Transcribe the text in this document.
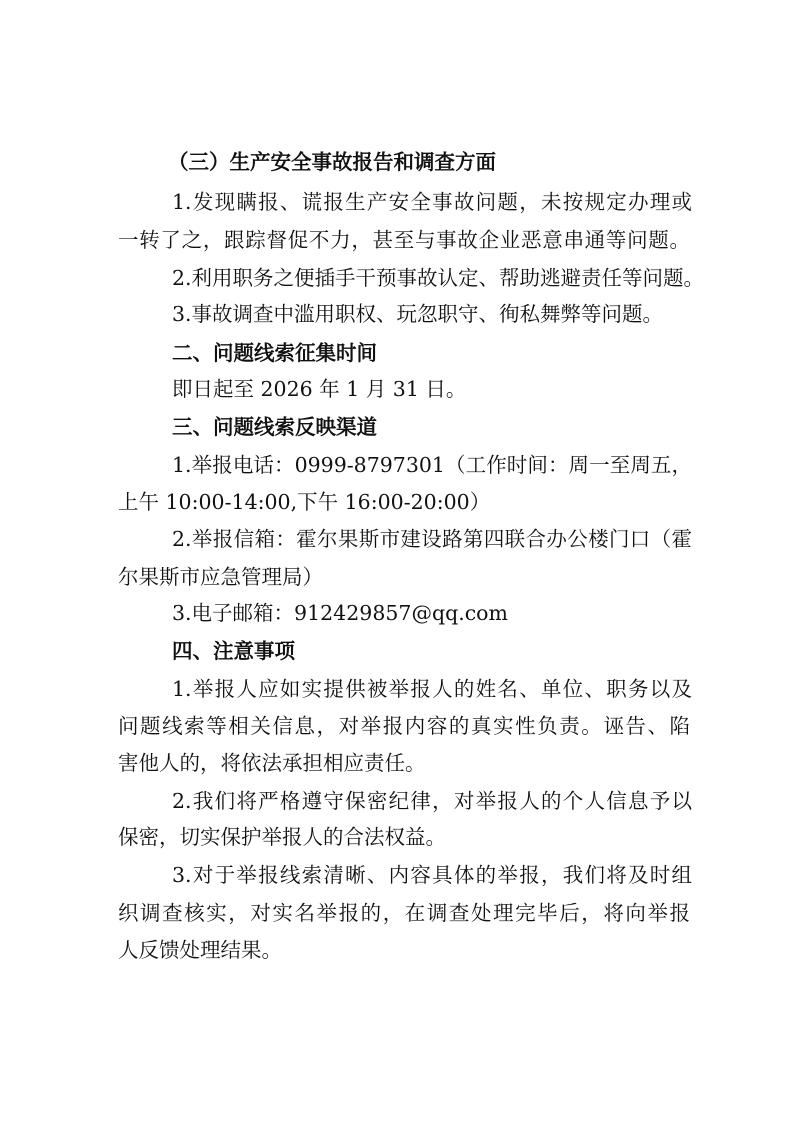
（三）生产安全事故报告和调查方面
1.发现瞒报、谎报生产安全事故问题，未按规定办理或
一转了之，跟踪督促不力，甚至与事故企业恶意串通等问题。
2.利用职务之便插手干预事故认定、帮助逃避责任等问题。
3.事故调查中滥用职权、玩忽职守、徇私舞弊等问题。
二、问题线索征集时间
即日起至 2026 年 1 月 31 日。
三、问题线索反映渠道
1.举报电话：0999-8797301（工作时间：周一至周五，
上午 10:00-14:00,下午 16:00-20:00）
2.举报信箱：霍尔果斯市建设路第四联合办公楼门口（霍
尔果斯市应急管理局）
3.电子邮箱：912429857@qq.com
四、注意事项
1.举报人应如实提供被举报人的姓名、单位、职务以及
问题线索等相关信息，对举报内容的真实性负责。诬告、陷
害他人的，将依法承担相应责任。
2.我们将严格遵守保密纪律，对举报人的个人信息予以
保密，切实保护举报人的合法权益。
3.对于举报线索清晰、内容具体的举报，我们将及时组
织调查核实，对实名举报的，在调查处理完毕后，将向举报
人反馈处理结果。
